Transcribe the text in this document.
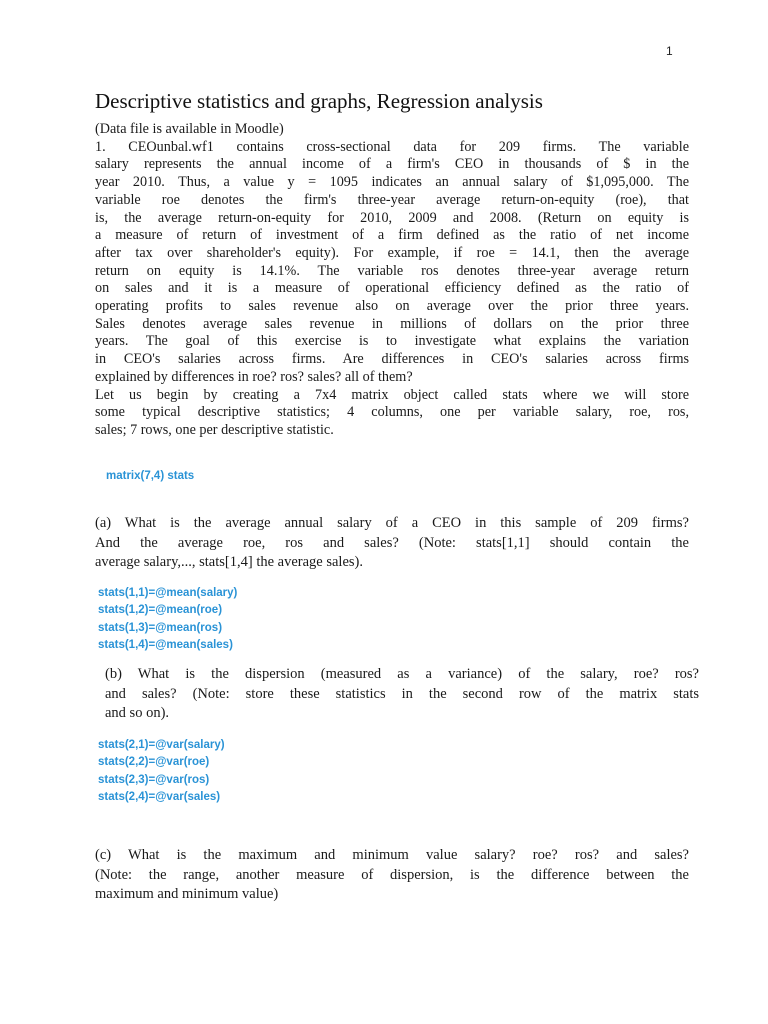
1
Descriptive statistics and graphs, Regression analysis
(Data file is available in Moodle)
1. CEOunbal.wf1 contains cross-sectional data for 209 firms. The variable
salary represents the annual income of a firm's CEO in thousands of $ in the
year 2010. Thus, a value y = 1095 indicates an annual salary of $1,095,000. The
variable roe denotes the firm's three-year average return-on-equity (roe), that
is, the average return-on-equity for 2010, 2009 and 2008. (Return on equity is
a measure of return of investment of a firm defined as the ratio of net income
after tax over shareholder's equity). For example, if roe = 14.1, then the average
return on equity is 14.1%. The variable ros denotes three-year average return
on sales and it is a measure of operational efficiency defined as the ratio of
operating profits to sales revenue also on average over the prior three years.
Sales denotes average sales revenue in millions of dollars on the prior three
years. The goal of this exercise is to investigate what explains the variation
in CEO's salaries across firms. Are differences in CEO's salaries across firms
explained by differences in roe? ros? sales? all of them?
Let us begin by creating a 7x4 matrix object called stats where we will store
some typical descriptive statistics; 4 columns, one per variable salary, roe, ros,
sales; 7 rows, one per descriptive statistic.
matrix(7,4) stats
(a) What is the average annual salary of a CEO in this sample of 209 firms?
And the average roe, ros and sales? (Note: stats[1,1] should contain the
average salary,..., stats[1,4] the average sales).
stats(1,1)=@mean(salary)
stats(1,2)=@mean(roe)
stats(1,3)=@mean(ros)
stats(1,4)=@mean(sales)
(b) What is the dispersion (measured as a variance) of the salary, roe? ros?
and sales? (Note: store these statistics in the second row of the matrix stats
and so on).
stats(2,1)=@var(salary)
stats(2,2)=@var(roe)
stats(2,3)=@var(ros)
stats(2,4)=@var(sales)
(c) What is the maximum and minimum value salary? roe? ros? and sales?
(Note: the range, another measure of dispersion, is the difference between the
maximum and minimum value)
